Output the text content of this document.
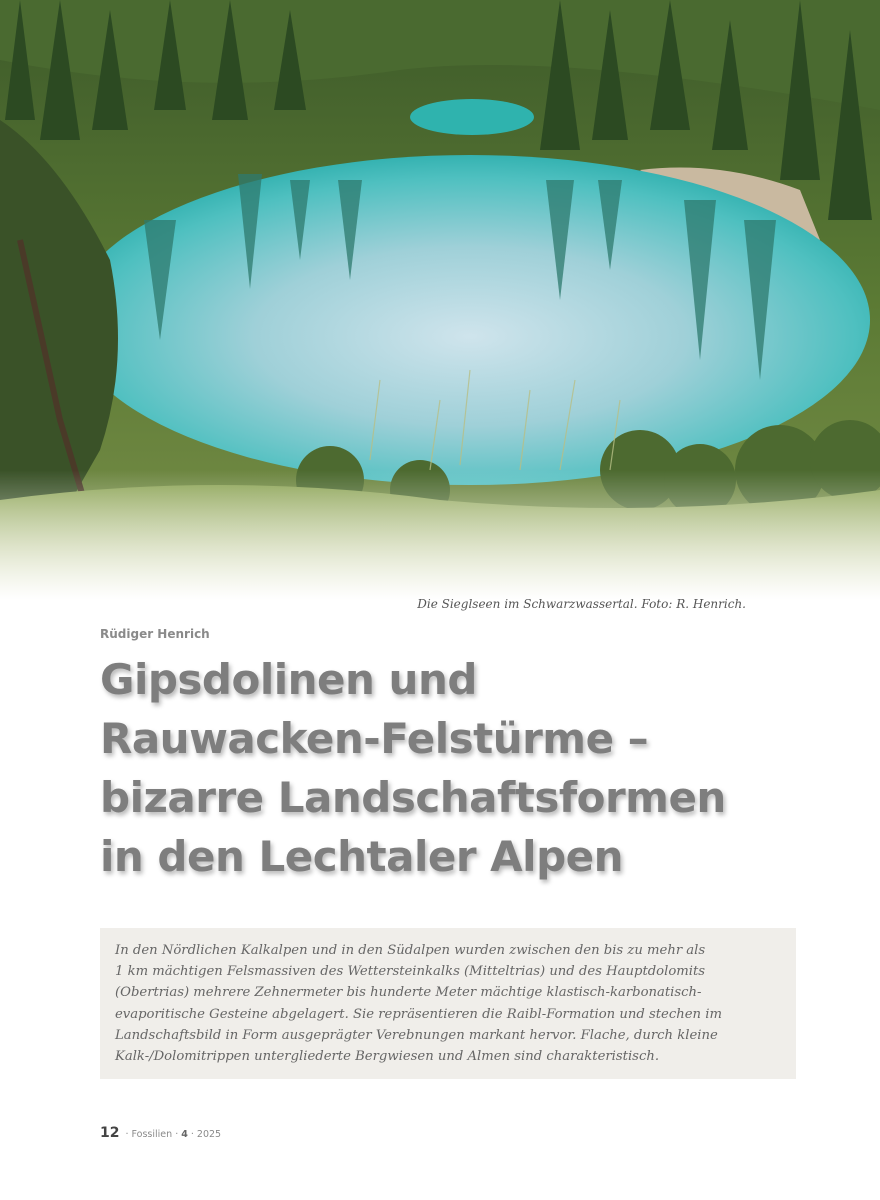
Die Sieglseen im Schwarzwassertal. Foto: R. Henrich.
Rüdiger Henrich
Gipsdolinen und
Rauwacken-Felstürme –
bizarre Landschaftsformen
in den Lechtaler Alpen
In den Nördlichen Kalkalpen und in den Südalpen wurden zwischen den bis zu mehr als
1 km mächtigen Felsmassiven des Wettersteinkalks (Mitteltrias) und des Hauptdolomits
(Obertrias) mehrere Zehnermeter bis hunderte Meter mächtige klastisch-karbonatisch-
evaporitische Gesteine abgelagert. Sie repräsentieren die Raibl-Formation und stechen im
Landschaftsbild in Form ausgeprägter Verebnungen markant hervor. Flache, durch kleine
Kalk-/Dolomitrippen untergliederte Bergwiesen und Almen sind charakteristisch.
12 · Fossilien · 4 · 2025
